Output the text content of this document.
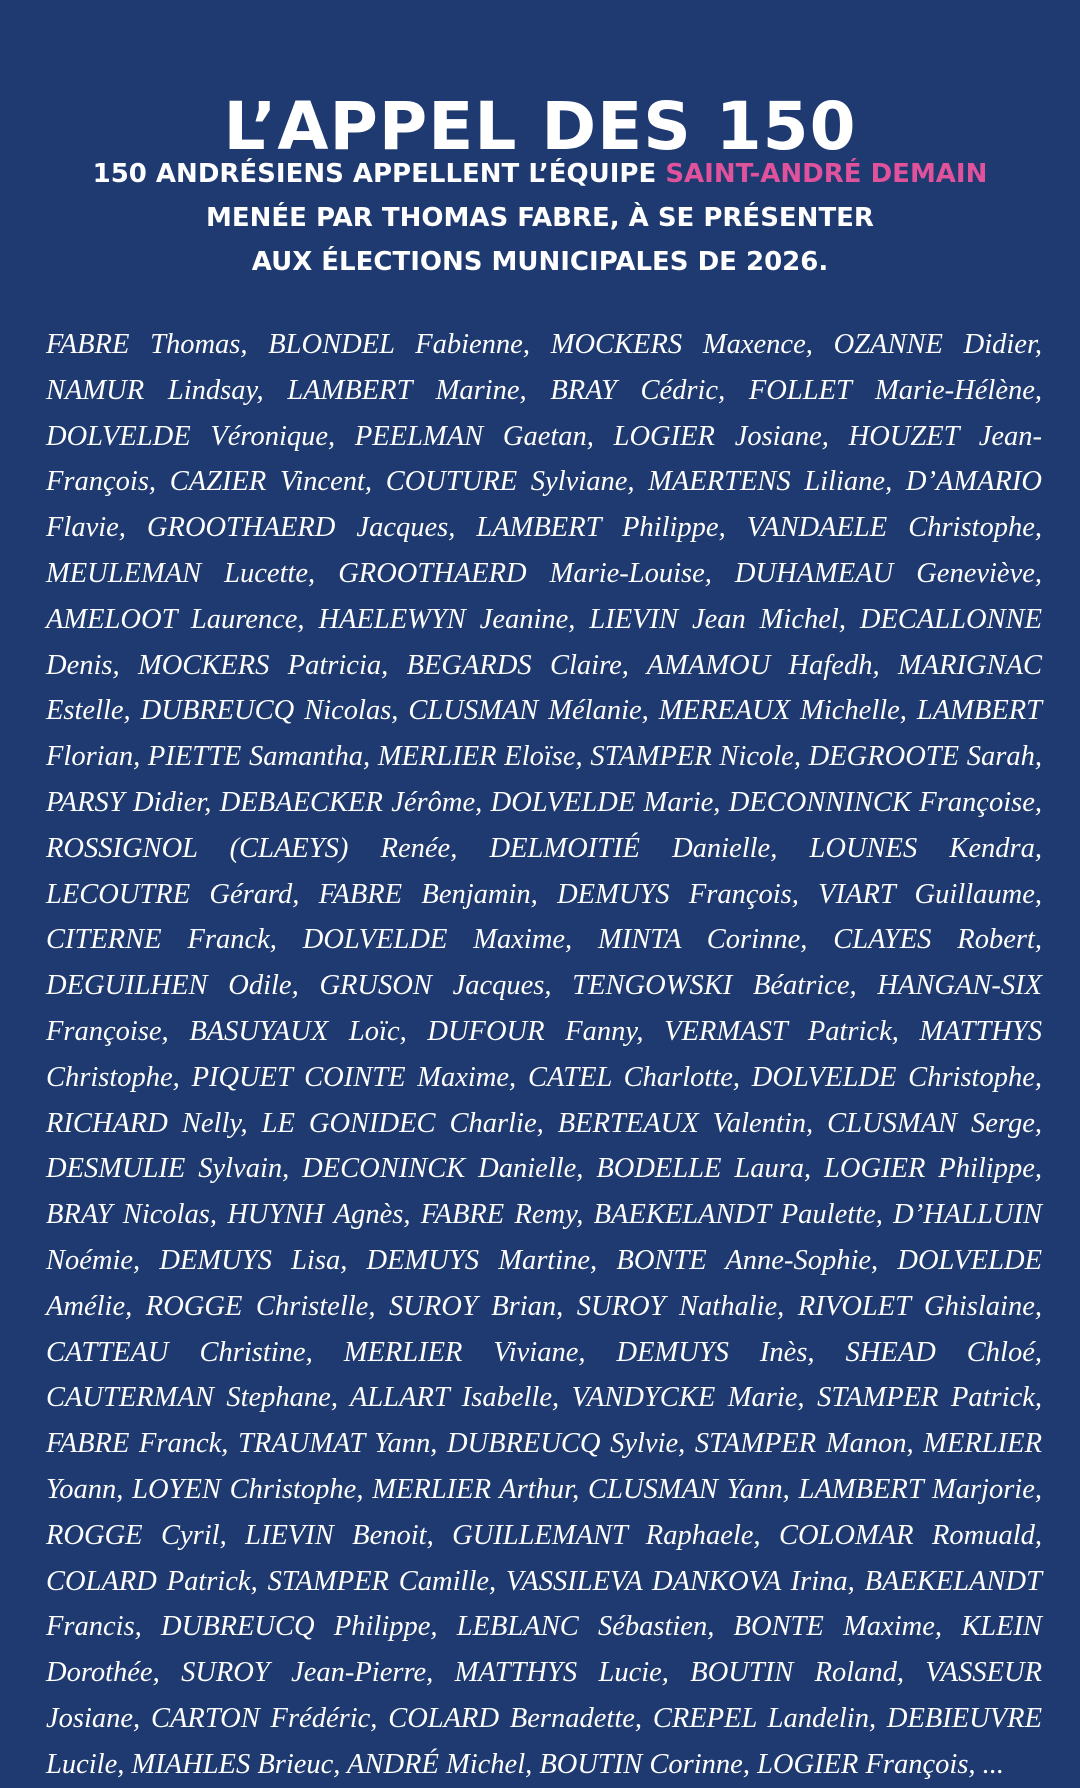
L’APPEL DES 150
150 ANDRÉSIENS APPELLENT L’ÉQUIPE SAINT-ANDRÉ DEMAIN
MENÉE PAR THOMAS FABRE, À SE PRÉSENTER
AUX ÉLECTIONS MUNICIPALES DE 2026.

FABRE Thomas, BLONDEL Fabienne, MOCKERS Maxence, OZANNE Didier, NAMUR Lindsay, LAMBERT Marine, BRAY Cédric, FOLLET Marie-Hélène, DOLVELDE Véronique, PEELMAN Gaetan, LOGIER Josiane, HOUZET Jean-François, CAZIER Vincent, COUTURE Sylviane, MAERTENS Liliane, D’AMARIO Flavie, GROOTHAERD Jacques, LAMBERT Philippe, VANDAELE Christophe, MEULEMAN Lucette, GROOTHAERD Marie-Louise, DUHAMEAU Geneviève, AMELOOT Laurence, HAELEWYN Jeanine, LIEVIN Jean Michel, DECALLONNE Denis, MOCKERS Patricia, BEGARDS Claire, AMAMOU Hafedh, MARIGNAC Estelle, DUBREUCQ Nicolas, CLUSMAN Mélanie, MEREAUX Michelle, LAMBERT Florian, PIETTE Samantha, MERLIER Eloïse, STAMPER Nicole, DEGROOTE Sarah, PARSY Didier, DEBAECKER Jérôme, DOLVELDE Marie, DECONNINCK Françoise, ROSSIGNOL (CLAEYS) Renée, DELMOITIÉ Danielle, LOUNES Kendra, LECOUTRE Gérard, FABRE Benjamin, DEMUYS François, VIART Guillaume, CITERNE Franck, DOLVELDE Maxime, MINTA Corinne, CLAYES Robert, DEGUILHEN Odile, GRUSON Jacques, TENGOWSKI Béatrice, HANGAN-SIX Françoise, BASUYAUX Loïc, DUFOUR Fanny, VERMAST Patrick, MATTHYS Christophe, PIQUET COINTE Maxime, CATEL Charlotte, DOLVELDE Christophe, RICHARD Nelly, LE GONIDEC Charlie, BERTEAUX Valentin, CLUSMAN Serge, DESMULIE Sylvain, DECONINCK Danielle, BODELLE Laura, LOGIER Philippe, BRAY Nicolas, HUYNH Agnès, FABRE Remy, BAEKELANDT Paulette, D’HALLUIN Noémie, DEMUYS Lisa, DEMUYS Martine, BONTE Anne-Sophie, DOLVELDE Amélie, ROGGE Christelle, SUROY Brian, SUROY Nathalie, RIVOLET Ghislaine, CATTEAU Christine, MERLIER Viviane, DEMUYS Inès, SHEAD Chloé, CAUTERMAN Stephane, ALLART Isabelle, VANDYCKE Marie, STAMPER Patrick, FABRE Franck, TRAUMAT Yann, DUBREUCQ Sylvie, STAMPER Manon, MERLIER Yoann, LOYEN Christophe, MERLIER Arthur, CLUSMAN Yann, LAMBERT Marjorie, ROGGE Cyril, LIEVIN Benoit, GUILLEMANT Raphaele, COLOMAR Romuald, COLARD Patrick, STAMPER Camille, VASSILEVA DANKOVA Irina, BAEKELANDT Francis, DUBREUCQ Philippe, LEBLANC Sébastien, BONTE Maxime, KLEIN Dorothée, SUROY Jean-Pierre, MATTHYS Lucie, BOUTIN Roland, VASSEUR Josiane, CARTON Frédéric, COLARD Bernadette, CREPEL Landelin, DEBIEUVRE Lucile, MIAHLES Brieuc, ANDRÉ Michel, BOUTIN Corinne, LOGIER François, ...
